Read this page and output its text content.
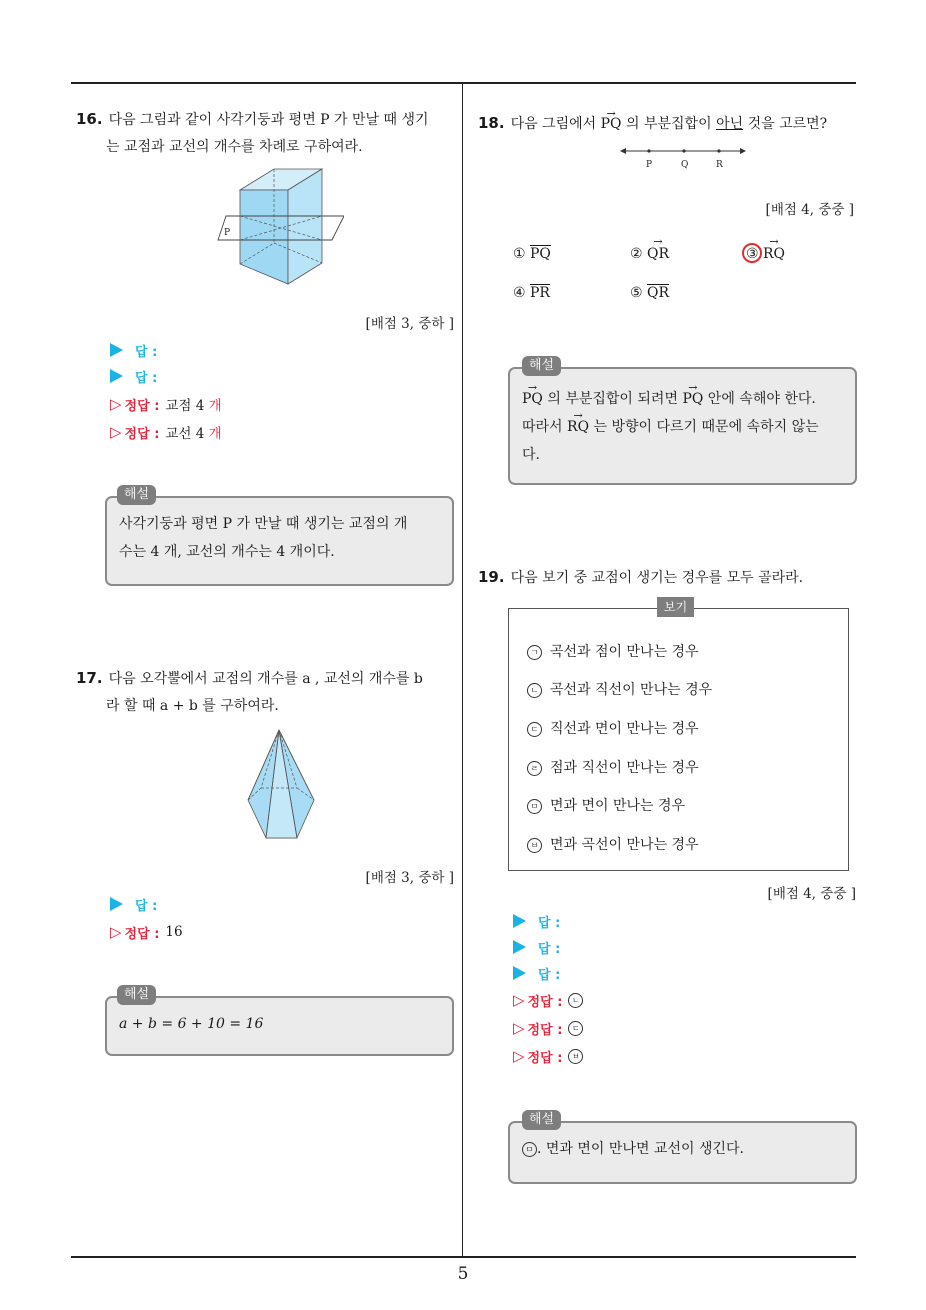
5
16. 다음 그림과 같이 사각기둥과 평면 P 가 만날 때 생기
는 교점과 교선의 개수를 차례로 구하여라.
P
[배점 3, 중하 ]
답 :
답 :
▷ 정답 : 교점 4
개
▷ 정답 : 교선 4
개
사각기둥과 평면 P 가 만날 때 생기는 교점의 개
수는 4 개, 교선의 개수는 4 개이다.
해설
17. 다음 오각뿔에서 교점의 개수를 a , 교선의 개수를 b
라 할 때 a + b 를 구하여라.
[배점 3, 중하 ]
답 :
▷ 정답 : 16
a + b = 6 + 10 = 16
해설
18. 다음 그림에서 → PQ 의 부분집합이 아닌 것을 고르면?
P	Q	R
[배점 4, 중중 ]
① $\overline{PQ}$	② → QR	③ → RQ
④ $\overline{PR}$	⑤ $\overline{QR}$
→ PQ 의 부분집합이 되려면 → PQ 안에 속해야 한다.
따라서 → RQ 는 방향이 다르기 때문에 속하지 않는
다.
해설
19. 다음 보기 중 교점이 생기는 경우를 모두 골라라.
보기
ㄱ 곡선과 점이 만나는 경우
ㄴ 곡선과 직선이 만나는 경우
ㄷ 직선과 면이 만나는 경우
ㄹ 점과 직선이 만나는 경우
ㅁ 면과 면이 만나는 경우
ㅂ 면과 곡선이 만나는 경우
[배점 4, 중중 ]
답 :
답 :
답 :
▷ 정답 :	ㄴ
▷ 정답 :	ㄷ
▷ 정답 :	ㅂ
ㅁ . 면과 면이 만나면 교선이 생긴다.
해설
